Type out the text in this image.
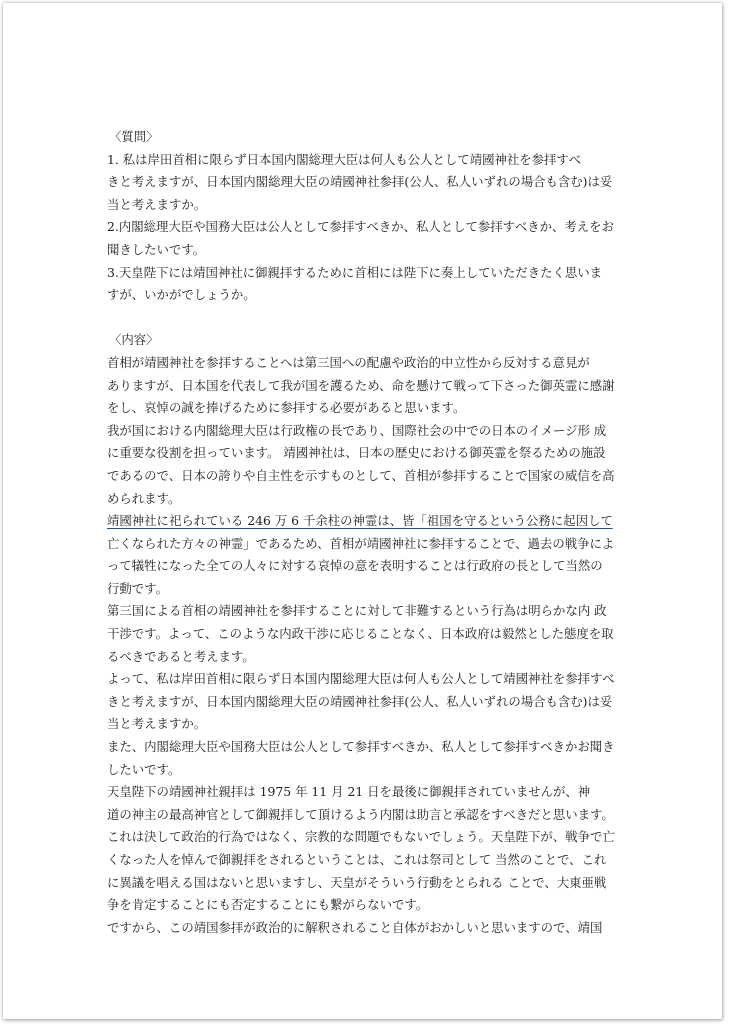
〈質問〉
1. 私は岸田首相に限らず日本国内閣総理大臣は何人も公人として靖國神社を参拝すべ
きと考えますが、日本国内閣総理大臣の靖國神社参拝(公人、私人いずれの場合も含む)は妥
当と考えますか。
2.内閣総理大臣や国務大臣は公人として参拝すべきか、私人として参拝すべきか、考えをお
聞きしたいです。
3.天皇陛下には靖国神社に御親拝するために首相には陛下に奏上していただきたく思いま
すが、いかがでしょうか。
〈内容〉
首相が靖國神社を参拝することへは第三国への配慮や政治的中立性から反対する意見が
ありますが、日本国を代表して我が国を護るため、命を懸けて戦って下さった御英霊に感謝
をし、哀悼の誠を捧げるために参拝する必要があると思います。
我が国における内閣総理大臣は行政権の長であり、国際社会の中での日本のイメージ形 成
に重要な役割を担っています。 靖國神社は、日本の歴史における御英霊を祭るための施設
であるので、日本の誇りや自主性を示すものとして、首相が参拝することで国家の威信を高
められます。
靖國神社に祀られている 246 万 6 千余柱の神霊は、皆「祖国を守るという公務に起因して
亡くなられた方々の神霊」であるため、首相が靖國神社に参拝することで、過去の戦争によ
って犠牲になった全ての人々に対する哀悼の意を表明することは行政府の長として当然の
行動です。
第三国による首相の靖國神社を参拝することに対して非難するという行為は明らかな内 政
干渉です。よって、このような内政干渉に応じることなく、日本政府は毅然とした態度を取
るべきであると考えます。
よって、私は岸田首相に限らず日本国内閣総理大臣は何人も公人として靖國神社を参拝すべ
きと考えますが、日本国内閣総理大臣の靖國神社参拝(公人、私人いずれの場合も含む)は妥
当と考えますか。
また、内閣総理大臣や国務大臣は公人として参拝すべきか、私人として参拝すべきかお聞き
したいです。
天皇陛下の靖國神社親拝は 1975 年 11 月 21 日を最後に御親拝されていませんが、神
道の神主の最高神官として御親拝して頂けるよう内閣は助言と承認をすべきだと思います。
これは決して政治的行為ではなく、宗教的な問題でもないでしょう。天皇陛下が、戦争で亡
くなった人を悼んで御親拝をされるということは、これは祭司として 当然のことで、これ
に異議を唱える国はないと思いますし、天皇がそういう行動をとられる ことで、大東亜戦
争を肯定することにも否定することにも繋がらないです。
ですから、この靖国参拝が政治的に解釈されること自体がおかしいと思いますので、靖国
